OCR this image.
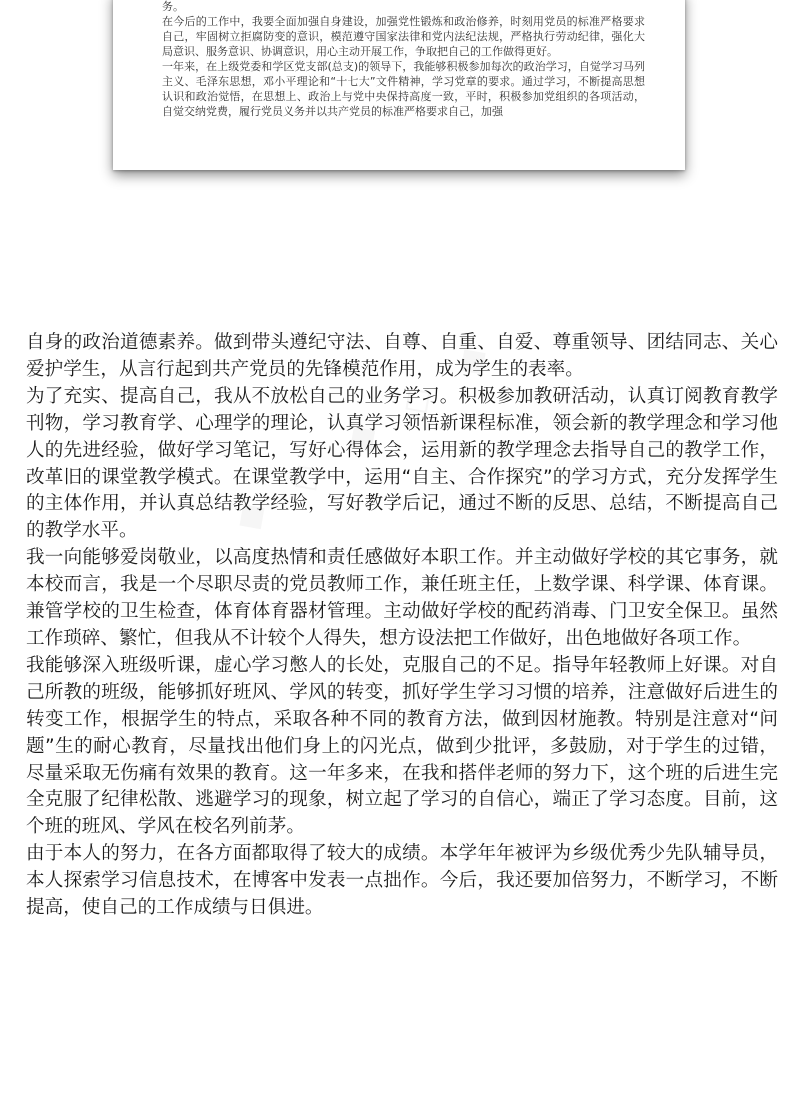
务。

在今后的工作中，我要全面加强自身建设，加强党性锻炼和政治修养，时刻用党员的标准严格要求自己，牢固树立拒腐防变的意识，模范遵守国家法律和党内法纪法规，严格执行劳动纪律，强化大局意识、服务意识、协调意识，用心主动开展工作，争取把自己的工作做得更好。

一年来，在上级党委和学区党支部(总支)的领导下，我能够积极参加每次的政治学习，自觉学习马列主义、毛泽东思想，邓小平理论和“十七大”文件精神，学习党章的要求。通过学习，不断提高思想认识和政治觉悟，在思想上、政治上与党中央保持高度一致，平时，积极参加党组织的各项活动，自觉交纳党费，履行党员义务并以共产党员的标准严格要求自己，加强

自身的政治道德素养。做到带头遵纪守法、自尊、自重、自爱、尊重领导、团结同志、关心爱护学生，从言行起到共产党员的先锋模范作用，成为学生的表率。

为了充实、提高自己，我从不放松自己的业务学习。积极参加教研活动，认真订阅教育教学刊物，学习教育学、心理学的理论，认真学习领悟新课程标准，领会新的教学理念和学习他人的先进经验，做好学习笔记，写好心得体会，运用新的教学理念去指导自己的教学工作，改革旧的课堂教学模式。在课堂教学中，运用“自主、合作探究”的学习方式，充分发挥学生的主体作用，并认真总结教学经验，写好教学后记，通过不断的反思、总结，不断提高自己的教学水平。

我一向能够爱岗敬业，以高度热情和责任感做好本职工作。并主动做好学校的其它事务，就本校而言，我是一个尽职尽责的党员教师工作，兼任班主任，上数学课、科学课、体育课。兼管学校的卫生检查，体育体育器材管理。主动做好学校的配药消毒、门卫安全保卫。虽然工作琐碎、繁忙，但我从不计较个人得失，想方设法把工作做好，出色地做好各项工作。

我能够深入班级听课，虚心学习憋人的长处，克服自己的不足。指导年轻教师上好课。对自己所教的班级，能够抓好班风、学风的转变，抓好学生学习习惯的培养，注意做好后进生的转变工作，根据学生的特点，采取各种不同的教育方法，做到因材施教。特别是注意对“问题”生的耐心教育，尽量找出他们身上的闪光点，做到少批评，多鼓励，对于学生的过错，尽量采取无伤痛有效果的教育。这一年多来，在我和搭伴老师的努力下，这个班的后进生完全克服了纪律松散、逃避学习的现象，树立起了学习的自信心，端正了学习态度。目前，这个班的班风、学风在校名列前茅。

由于本人的努力，在各方面都取得了较大的成绩。本学年年被评为乡级优秀少先队辅导员，本人探索学习信息技术，在博客中发表一点拙作。今后，我还要加倍努力，不断学习，不断提高，使自己的工作成绩与日俱进。
